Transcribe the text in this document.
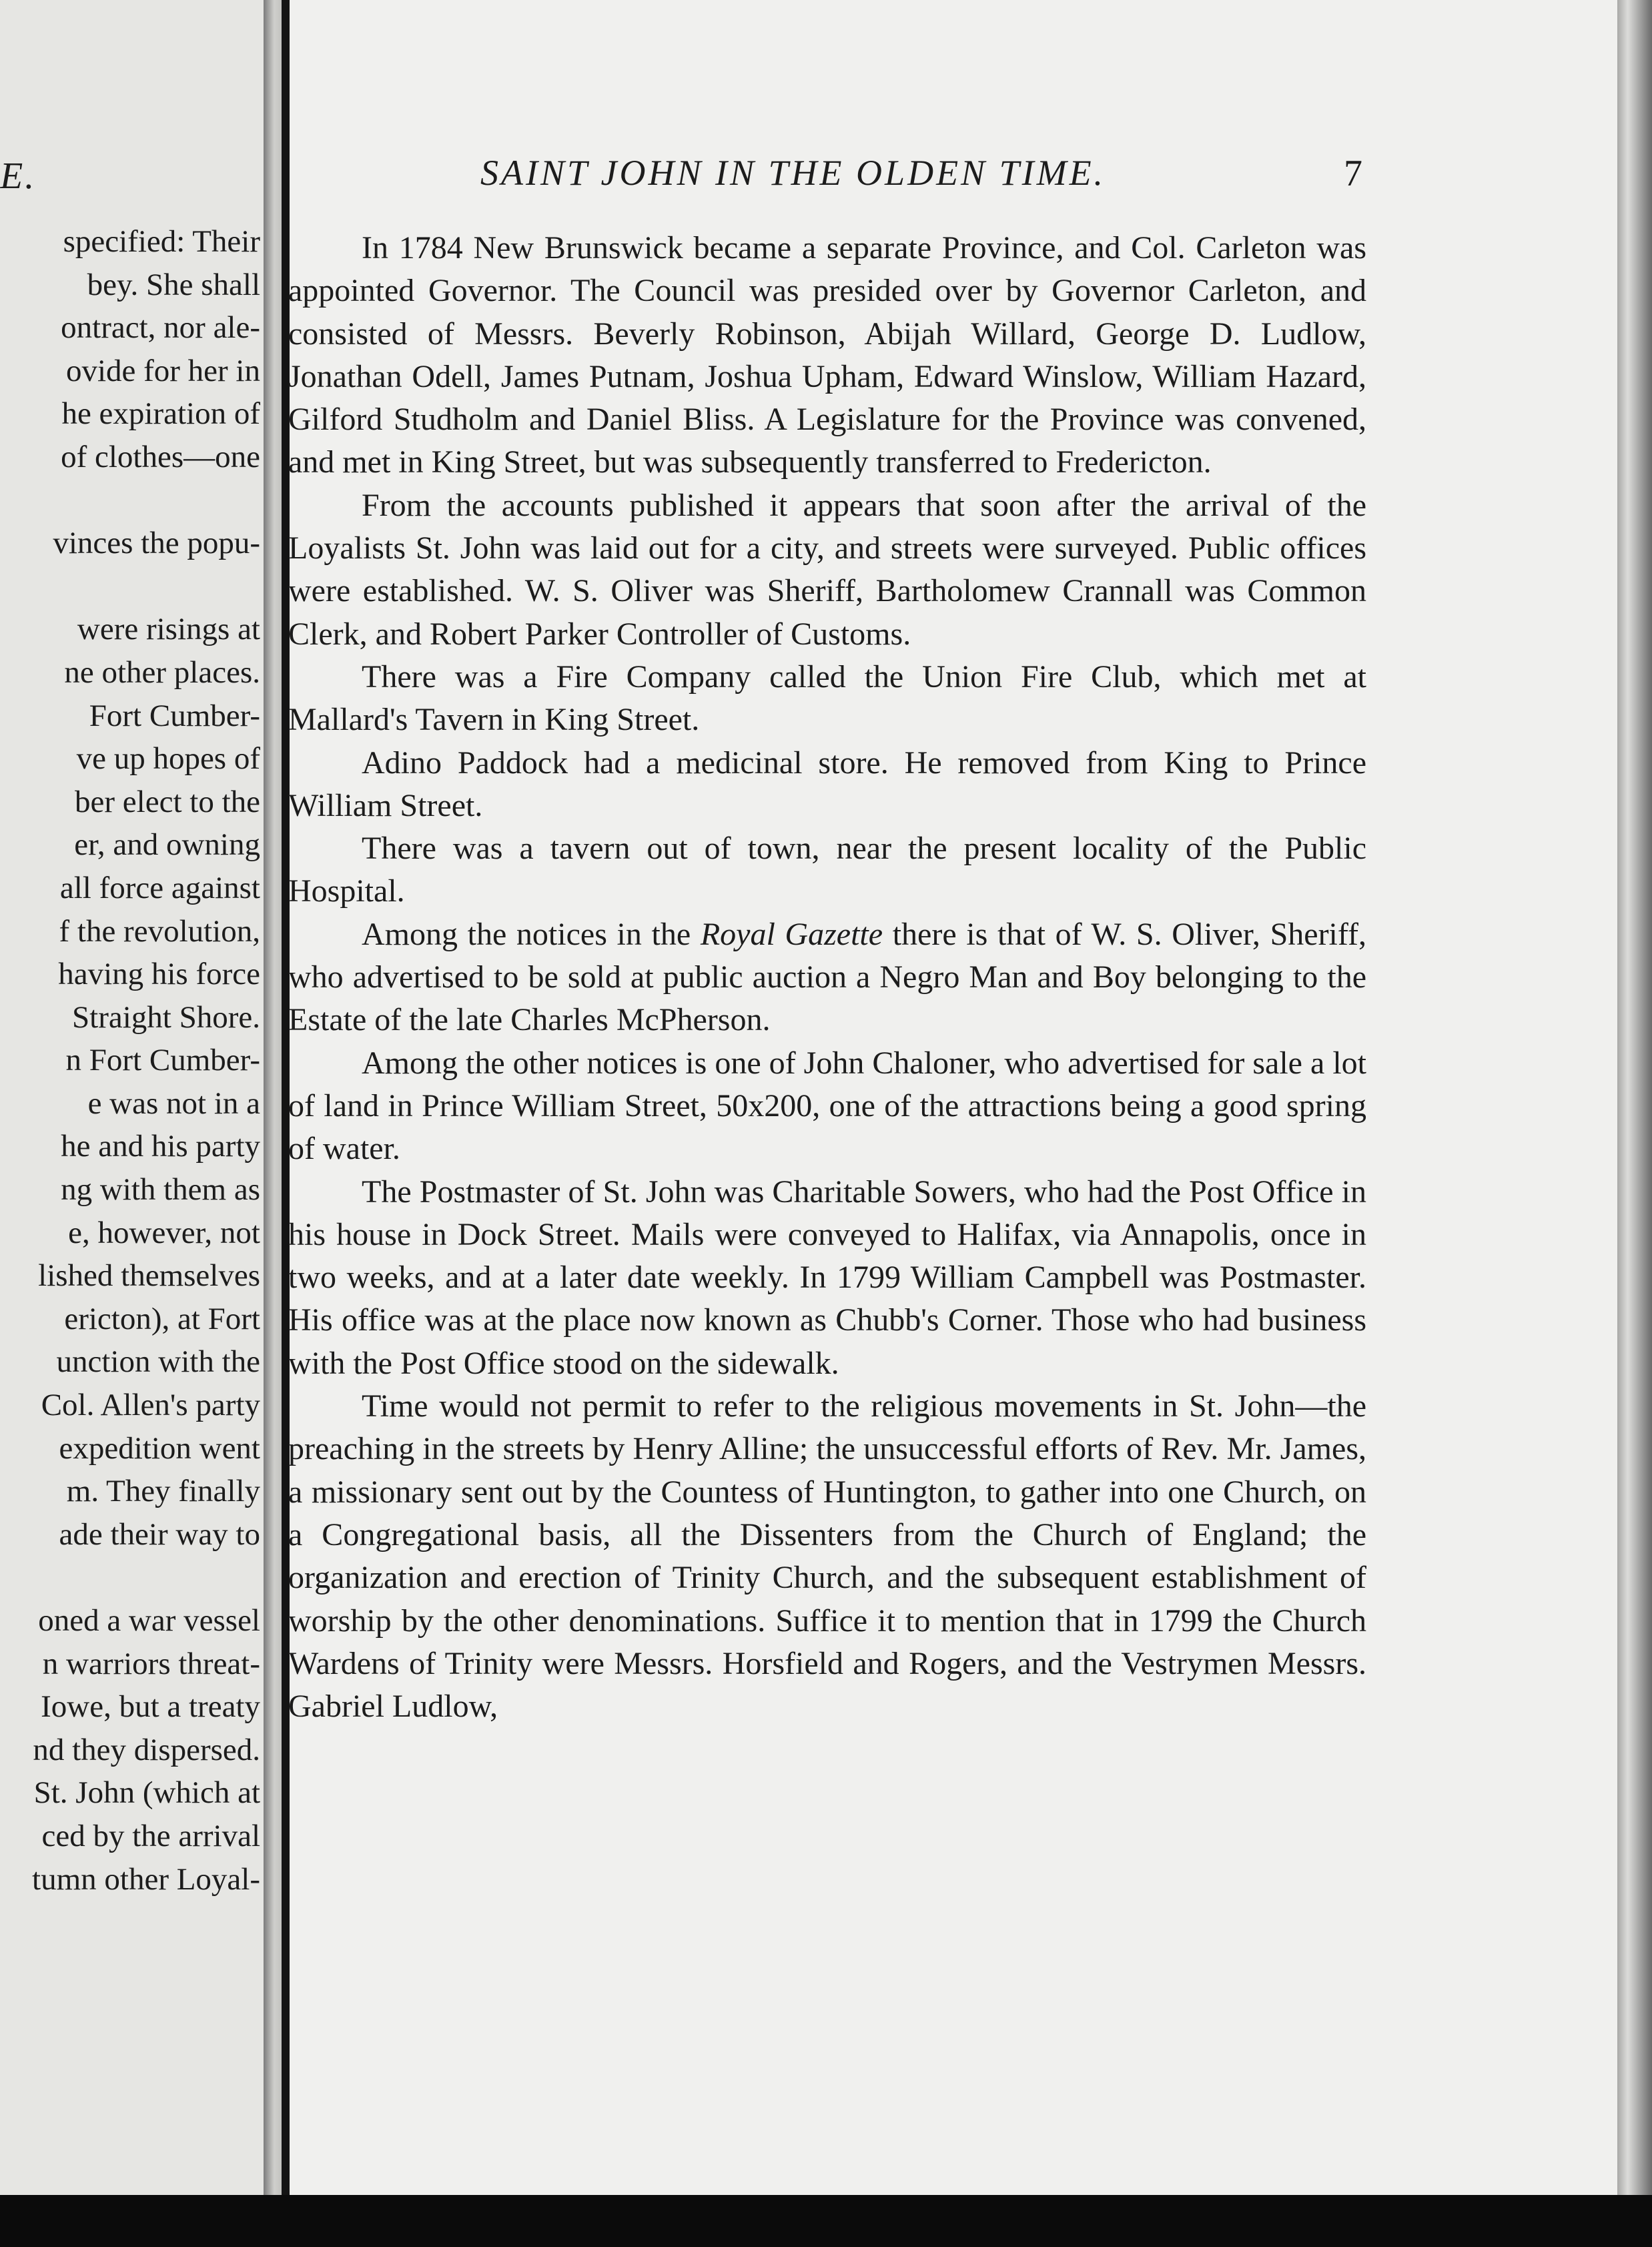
E.
specified: Their
bey. She shall
ontract, nor ale-
ovide for her in
he expiration of
of clothes—one
vinces the popu-
were risings at
ne other places.
Fort Cumber-
ve up hopes of
ber elect to the
er, and owning
all force against
f the revolution,
having his force
Straight Shore.
n Fort Cumber-
e was not in a
he and his party
ng with them as
e, however, not
lished themselves
ericton), at Fort
unction with the
Col. Allen's party
expedition went
m. They finally
ade their way to
oned a war vessel
n warriors threat-
Iowe, but a treaty
nd they dispersed.
St. John (which at
ced by the arrival
tumn other Loyal-
SAINT JOHN IN THE OLDEN TIME.	7

In 1784 New Brunswick became a separate Province, and Col. Carleton was appointed Governor. The Council was presided over by Governor Carleton, and consisted of Messrs. Beverly Robinson, Abijah Willard, George D. Ludlow, Jonathan Odell, James Putnam, Joshua Upham, Edward Winslow, William Hazard, Gilford Studholm and Daniel Bliss. A Legislature for the Province was convened, and met in King Street, but was subsequently transferred to Fredericton.

From the accounts published it appears that soon after the arrival of the Loyalists St. John was laid out for a city, and streets were surveyed. Public offices were established. W. S. Oliver was Sheriff, Bartholomew Crannall was Common Clerk, and Robert Parker Controller of Customs.

There was a Fire Company called the Union Fire Club, which met at Mallard's Tavern in King Street.

Adino Paddock had a medicinal store. He removed from King to Prince William Street.

There was a tavern out of town, near the present locality of the Public Hospital.

Among the notices in the Royal Gazette there is that of W. S. Oliver, Sheriff, who advertised to be sold at public auction a Negro Man and Boy belonging to the Estate of the late Charles McPherson.

Among the other notices is one of John Chaloner, who advertised for sale a lot of land in Prince William Street, 50x200, one of the attractions being a good spring of water.

The Postmaster of St. John was Charitable Sowers, who had the Post Office in his house in Dock Street. Mails were conveyed to Halifax, via Annapolis, once in two weeks, and at a later date weekly. In 1799 William Campbell was Postmaster. His office was at the place now known as Chubb's Corner. Those who had business with the Post Office stood on the sidewalk.

Time would not permit to refer to the religious movements in St. John—the preaching in the streets by Henry Alline; the unsuccessful efforts of Rev. Mr. James, a missionary sent out by the Countess of Huntington, to gather into one Church, on a Congregational basis, all the Dissenters from the Church of England; the organization and erection of Trinity Church, and the subsequent establishment of worship by the other denominations. Suffice it to mention that in 1799 the Church Wardens of Trinity were Messrs. Horsfield and Rogers, and the Vestrymen Messrs. Gabriel Ludlow,
